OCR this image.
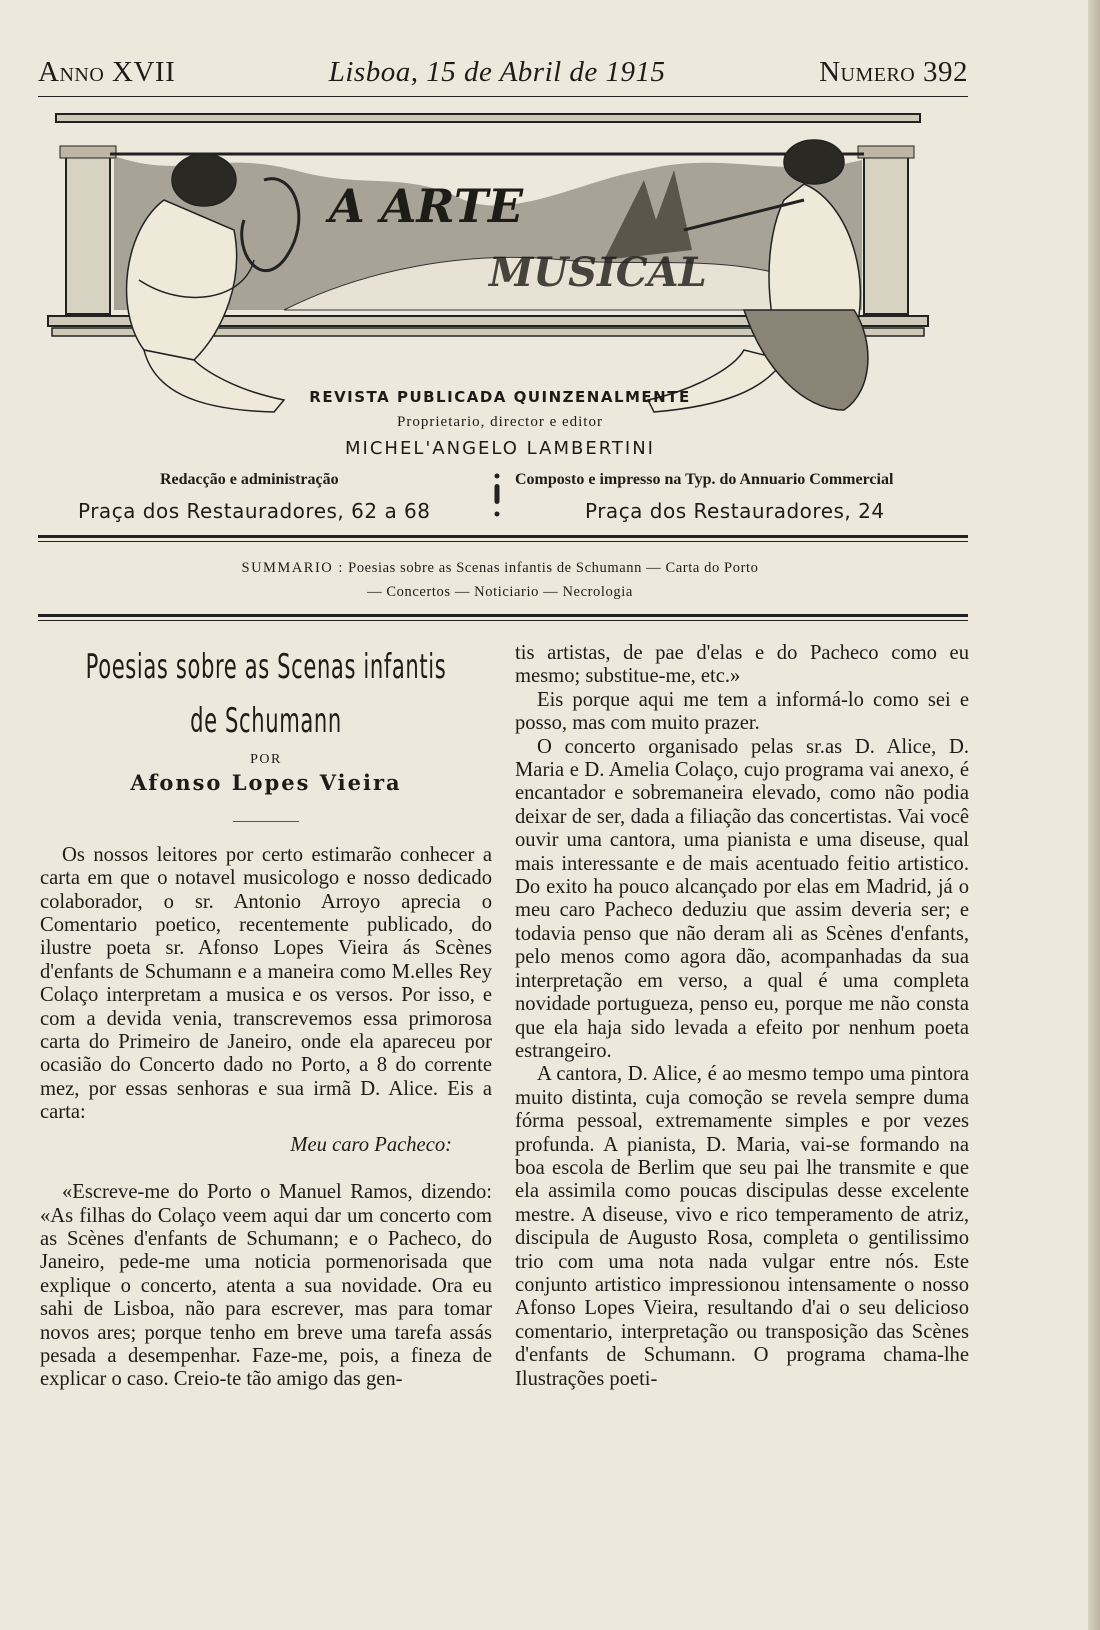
Anno XVII	Lisboa, 15 de Abril de 1915	Numero 392
A ARTE
MUSICAL
REVISTA PUBLICADA QUINZENALMENTE
Proprietario, director e editor
MICHEL'ANGELO LAMBERTINI
Redacção e administração
Praça dos Restauradores, 62 a 68
Composto e impresso na Typ. do Annuario Commercial
Praça dos Restauradores, 24
SUMMARIO : Poesias sobre as Scenas infantis de Schumann — Carta do Porto
— Concertos — Noticiario — Necrologia
Poesias sobre as Scenas infantis
de Schumann

POR

Afonso Lopes Vieira

Os nossos leitores por certo estimarão conhecer a carta em que o notavel musicologo e nosso dedicado colaborador, o sr. Antonio Arroyo aprecia o Comentario poetico, recentemente publicado, do ilustre poeta sr. Afonso Lopes Vieira ás Scènes d'enfants de Schumann e a maneira como M.elles Rey Colaço interpretam a musica e os versos. Por isso, e com a devida venia, transcrevemos essa primorosa carta do Primeiro de Janeiro, onde ela apareceu por ocasião do Concerto dado no Porto, a 8 do corrente mez, por essas senhoras e sua irmã D. Alice. Eis a carta:

Meu caro Pacheco:

«Escreve-me do Porto o Manuel Ramos, dizendo: «As filhas do Colaço veem aqui dar um concerto com as Scènes d'enfants de Schumann; e o Pacheco, do Janeiro, pede-me uma noticia pormenorisada que explique o concerto, atenta a sua novidade. Ora eu sahi de Lisboa, não para escrever, mas para tomar novos ares; porque tenho em breve uma tarefa assás pesada a desempenhar. Faze-me, pois, a fineza de explicar o caso. Creio-te tão amigo das gen-

tis artistas, de pae d'elas e do Pacheco como eu mesmo; substitue-me, etc.»

Eis porque aqui me tem a informá-lo como sei e posso, mas com muito prazer.

O concerto organisado pelas sr.as D. Alice, D. Maria e D. Amelia Colaço, cujo programa vai anexo, é encantador e sobremaneira elevado, como não podia deixar de ser, dada a filiação das concertistas. Vai você ouvir uma cantora, uma pianista e uma diseuse, qual mais interessante e de mais acentuado feitio artistico. Do exito ha pouco alcançado por elas em Madrid, já o meu caro Pacheco deduziu que assim deveria ser; e todavia penso que não deram ali as Scènes d'enfants, pelo menos como agora dão, acompanhadas da sua interpretação em verso, a qual é uma completa novidade portugueza, penso eu, porque me não consta que ela haja sido levada a efeito por nenhum poeta estrangeiro.

A cantora, D. Alice, é ao mesmo tempo uma pintora muito distinta, cuja comoção se revela sempre duma fórma pessoal, extremamente simples e por vezes profunda. A pianista, D. Maria, vai-se formando na boa escola de Berlim que seu pai lhe transmite e que ela assimila como poucas discipulas desse excelente mestre. A diseuse, vivo e rico temperamento de atriz, discipula de Augusto Rosa, completa o gentilissimo trio com uma nota nada vulgar entre nós. Este conjunto artistico impressionou intensamente o nosso Afonso Lopes Vieira, resultando d'ai o seu delicioso comentario, interpretação ou transposição das Scènes d'enfants de Schumann. O programa chama-lhe Ilustrações poeti-
